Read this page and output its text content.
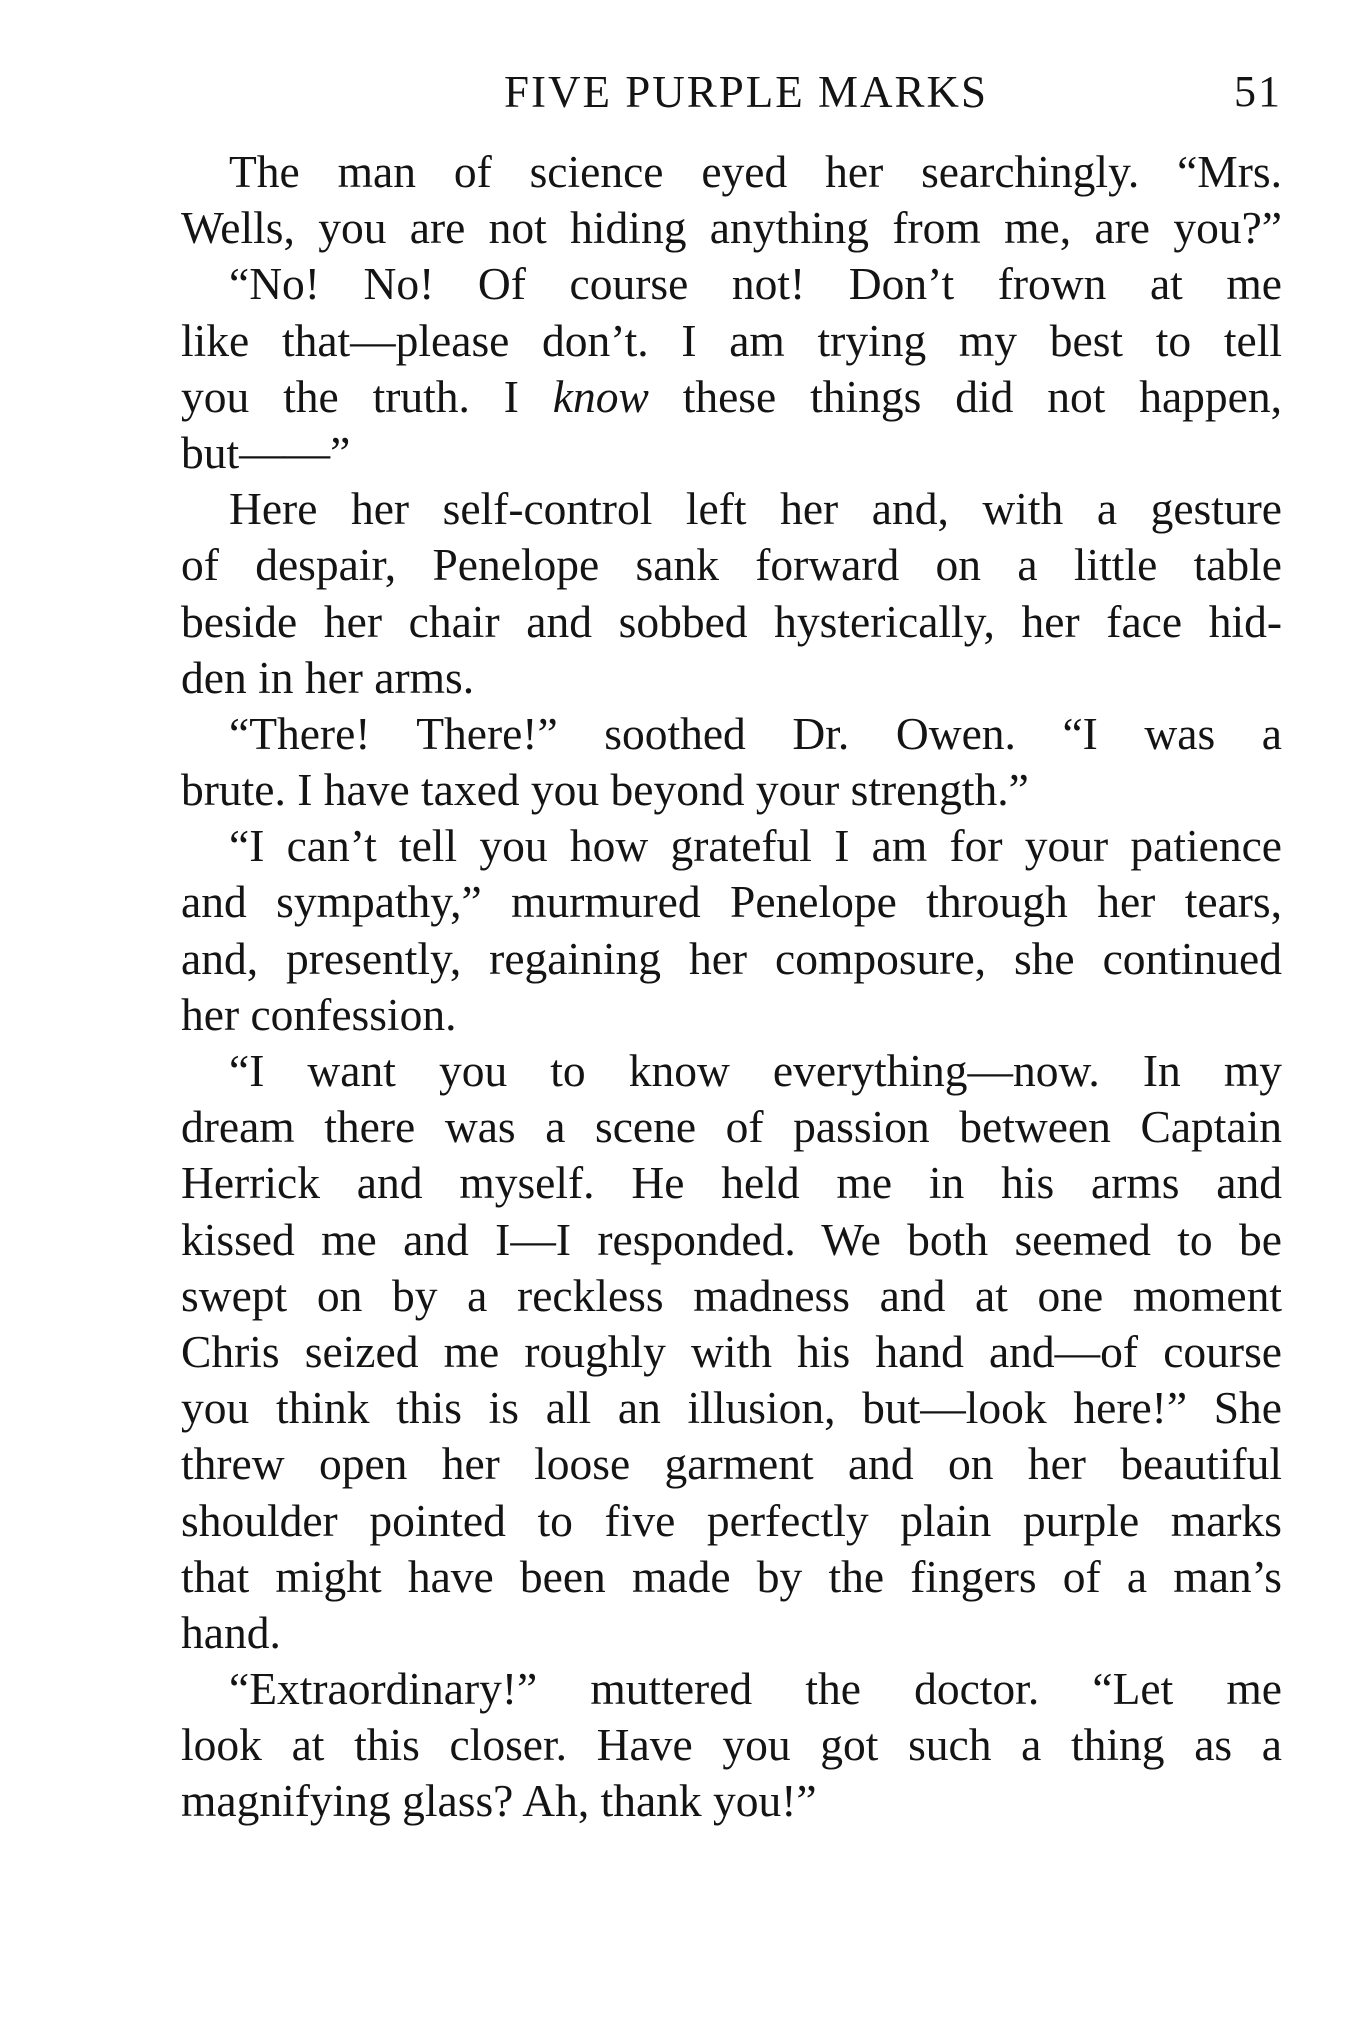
FIVE PURPLE MARKS	51
The man of science eyed her searchingly. “Mrs.
Wells, you are not hiding anything from me, are you?”
“No! No! Of course not! Don’t frown at me
like that—please don’t. I am trying my best to tell
you the truth. I know these things did not happen,
but——”
Here her self-control left her and, with a gesture
of despair, Penelope sank forward on a little table
beside her chair and sobbed hysterically, her face hid-
den in her arms.
“There! There!” soothed Dr. Owen. “I was a
brute. I have taxed you beyond your strength.”
“I can’t tell you how grateful I am for your patience
and sympathy,” murmured Penelope through her tears,
and, presently, regaining her composure, she continued
her confession.
“I want you to know everything—now. In my
dream there was a scene of passion between Captain
Herrick and myself. He held me in his arms and
kissed me and I—I responded. We both seemed to be
swept on by a reckless madness and at one moment
Chris seized me roughly with his hand and—of course
you think this is all an illusion, but—look here!” She
threw open her loose garment and on her beautiful
shoulder pointed to five perfectly plain purple marks
that might have been made by the fingers of a man’s
hand.
“Extraordinary!” muttered the doctor. “Let me
look at this closer. Have you got such a thing as a
magnifying glass? Ah, thank you!”
